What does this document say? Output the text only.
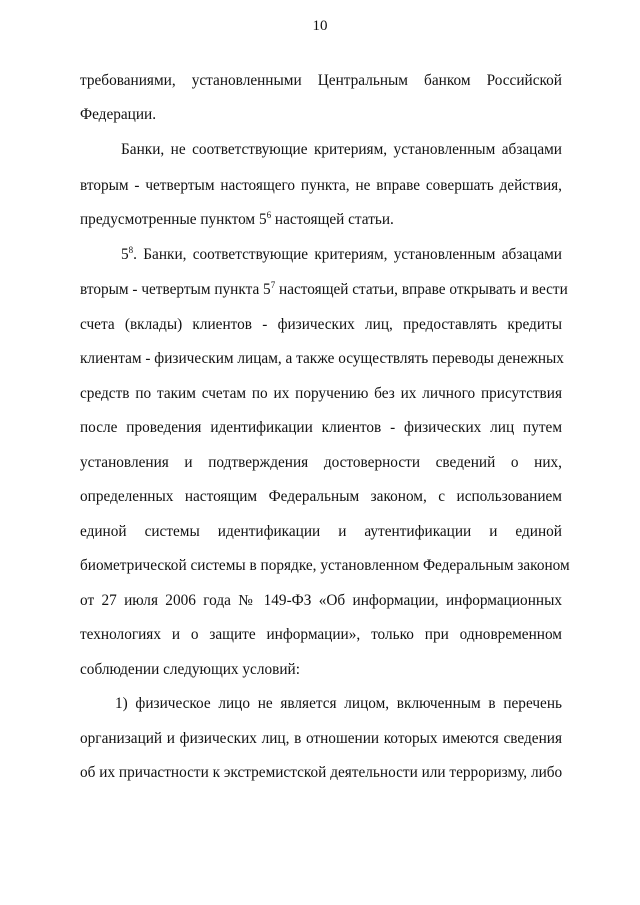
10
требованиями, установленными Центральным банком Российской
Федерации.
Банки, не соответствующие критериям, установленным абзацами
вторым - четвертым настоящего пункта, не вправе совершать действия,
предусмотренные пунктом $5^6$ настоящей статьи.
$5^8$. Банки, соответствующие критериям, установленным абзацами
вторым - четвертым пункта $5^7$ настоящей статьи, вправе открывать и вести
счета (вклады) клиентов - физических лиц, предоставлять кредиты
клиентам - физическим лицам, а также осуществлять переводы денежных
средств по таким счетам по их поручению без их личного присутствия
после проведения идентификации клиентов - физических лиц путем
установления и подтверждения достоверности сведений о них,
определенных настоящим Федеральным законом, с использованием
единой системы идентификации и аутентификации и единой
биометрической системы в порядке, установленном Федеральным законом
от 27 июля 2006 года № 149-ФЗ «Об информации, информационных
технологиях и о защите информации», только при одновременном
соблюдении следующих условий:
1) физическое лицо не является лицом, включенным в перечень
организаций и физических лиц, в отношении которых имеются сведения
об их причастности к экстремистской деятельности или терроризму, либо
